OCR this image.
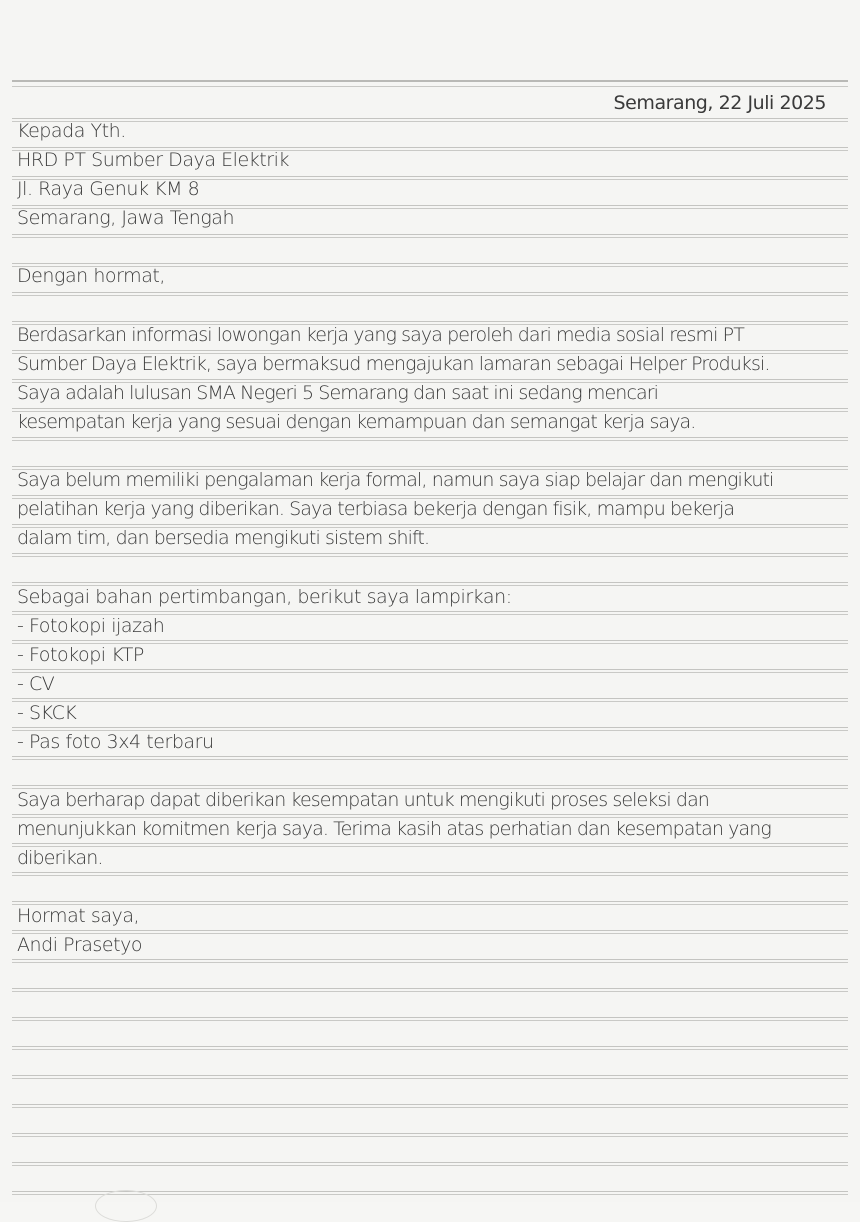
Semarang, 22 Juli 2025
Kepada Yth.
HRD PT Sumber Daya Elektrik
Jl. Raya Genuk KM 8
Semarang, Jawa Tengah
Dengan hormat,
Berdasarkan informasi lowongan kerja yang saya peroleh dari media sosial resmi PT
Sumber Daya Elektrik, saya bermaksud mengajukan lamaran sebagai Helper Produksi.
Saya adalah lulusan SMA Negeri 5 Semarang dan saat ini sedang mencari
kesempatan kerja yang sesuai dengan kemampuan dan semangat kerja saya.
Saya belum memiliki pengalaman kerja formal, namun saya siap belajar dan mengikuti
pelatihan kerja yang diberikan. Saya terbiasa bekerja dengan fisik, mampu bekerja
dalam tim, dan bersedia mengikuti sistem shift.
Sebagai bahan pertimbangan, berikut saya lampirkan:
- Fotokopi ijazah
- Fotokopi KTP
- CV
- SKCK
- Pas foto 3x4 terbaru
Saya berharap dapat diberikan kesempatan untuk mengikuti proses seleksi dan
menunjukkan komitmen kerja saya. Terima kasih atas perhatian dan kesempatan yang
diberikan.
Hormat saya,
Andi Prasetyo
